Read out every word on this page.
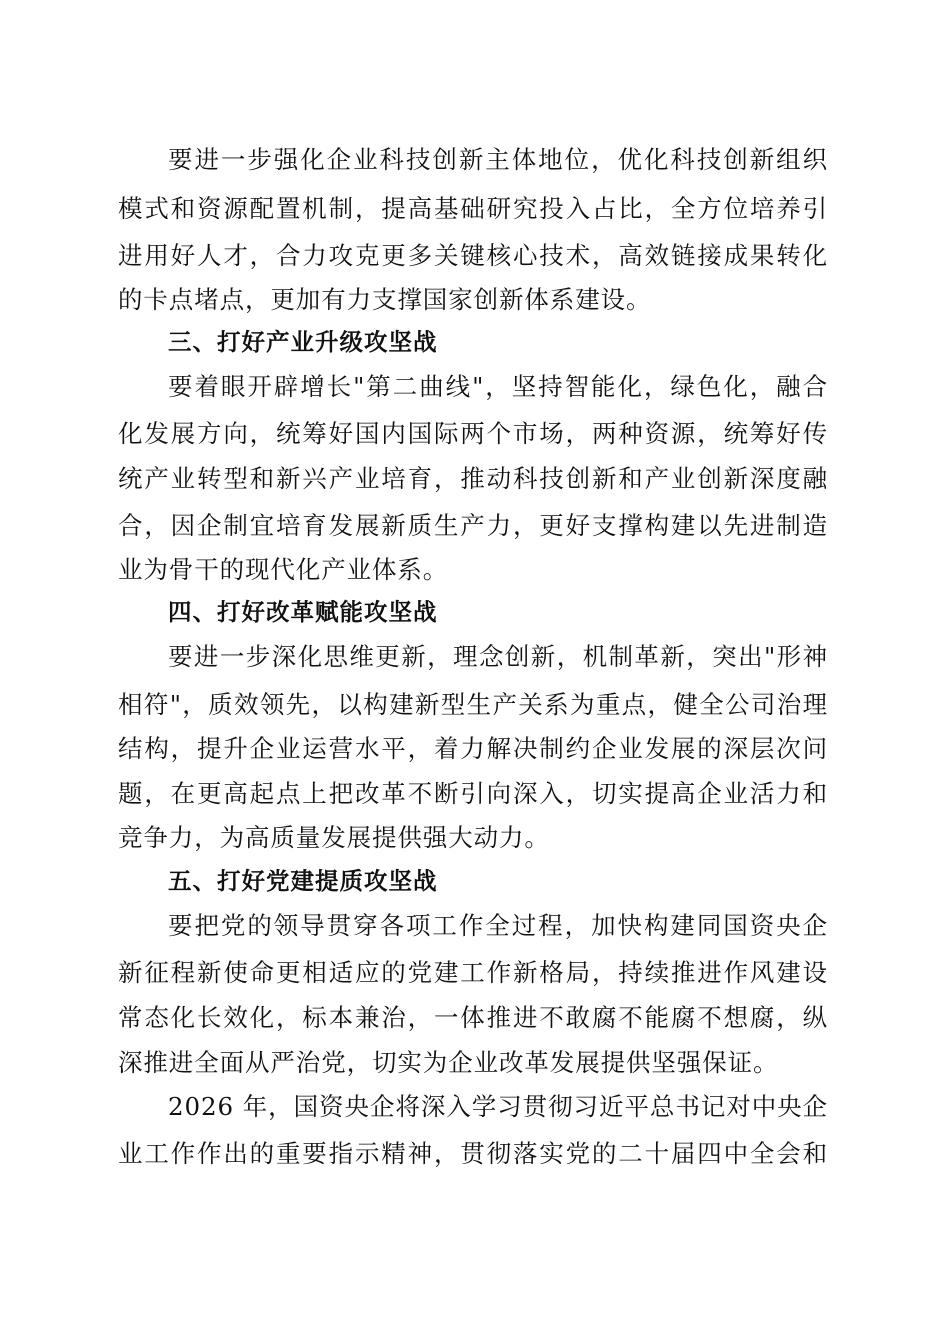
要进一步强化企业科技创新主体地位，优化科技创新组织
模式和资源配置机制，提高基础研究投入占比，全方位培养引
进用好人才，合力攻克更多关键核心技术，高效链接成果转化
的卡点堵点，更加有力支撑国家创新体系建设。
三、打好产业升级攻坚战
要着眼开辟增长"第二曲线"，坚持智能化，绿色化，融合
化发展方向，统筹好国内国际两个市场，两种资源，统筹好传
统产业转型和新兴产业培育，推动科技创新和产业创新深度融
合，因企制宜培育发展新质生产力，更好支撑构建以先进制造
业为骨干的现代化产业体系。
四、打好改革赋能攻坚战
要进一步深化思维更新，理念创新，机制革新，突出"形神
相符"，质效领先，以构建新型生产关系为重点，健全公司治理
结构，提升企业运营水平，着力解决制约企业发展的深层次问
题，在更高起点上把改革不断引向深入，切实提高企业活力和
竞争力，为高质量发展提供强大动力。
五、打好党建提质攻坚战
要把党的领导贯穿各项工作全过程，加快构建同国资央企
新征程新使命更相适应的党建工作新格局，持续推进作风建设
常态化长效化，标本兼治，一体推进不敢腐不能腐不想腐，纵
深推进全面从严治党，切实为企业改革发展提供坚强保证。
2026 年，国资央企将深入学习贯彻习近平总书记对中央企
业工作作出的重要指示精神，贯彻落实党的二十届四中全会和
